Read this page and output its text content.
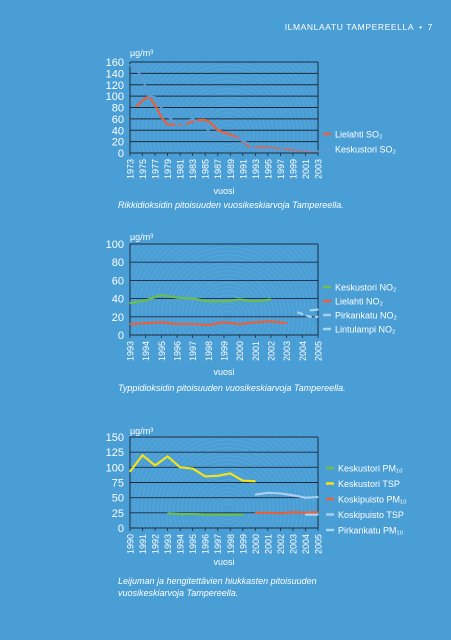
ILMANLAATU TAMPEREELLA • 7
0
20
40
60
80
100
120
140
160
µg/m³
1973 1975 1977 1979 1981 1983 1985 1987 1989 1991 1993 1995 1997 1999 2001 2003
vuosi
Lielahti SO₂
Keskustori SO₂
0
20
40
60
80
100
µg/m³
1993 1994 1995 1996 1997 1998 1999 2000 2001 2002 2003 2004 2005
vuosi
Keskustori NO₂
Lielahti NO₂
Pirkankatu NO₂
Lintulampi NO₂
0
25
50
75
100
125
150
µg/m³
1990 1991 1992 1993 1994 1995 1996 1997 1998 1999 2000 2001 2002 2003 2004 2005
vuosi
Keskustori PM₁₀
Keskustori TSP
Koskipuisto PM₁₀
Koskipuisto TSP
Pirkankatu PM₁₀
Rikkidioksidin pitoisuuden vuosikeskiarvoja Tampereella.
Typpidioksidin pitoisuuden vuosikeskiarvoja Tampereella.
Leijuman ja hengitettävien hiukkasten pitoisuuden vuosikeskiarvoja Tampereella.
